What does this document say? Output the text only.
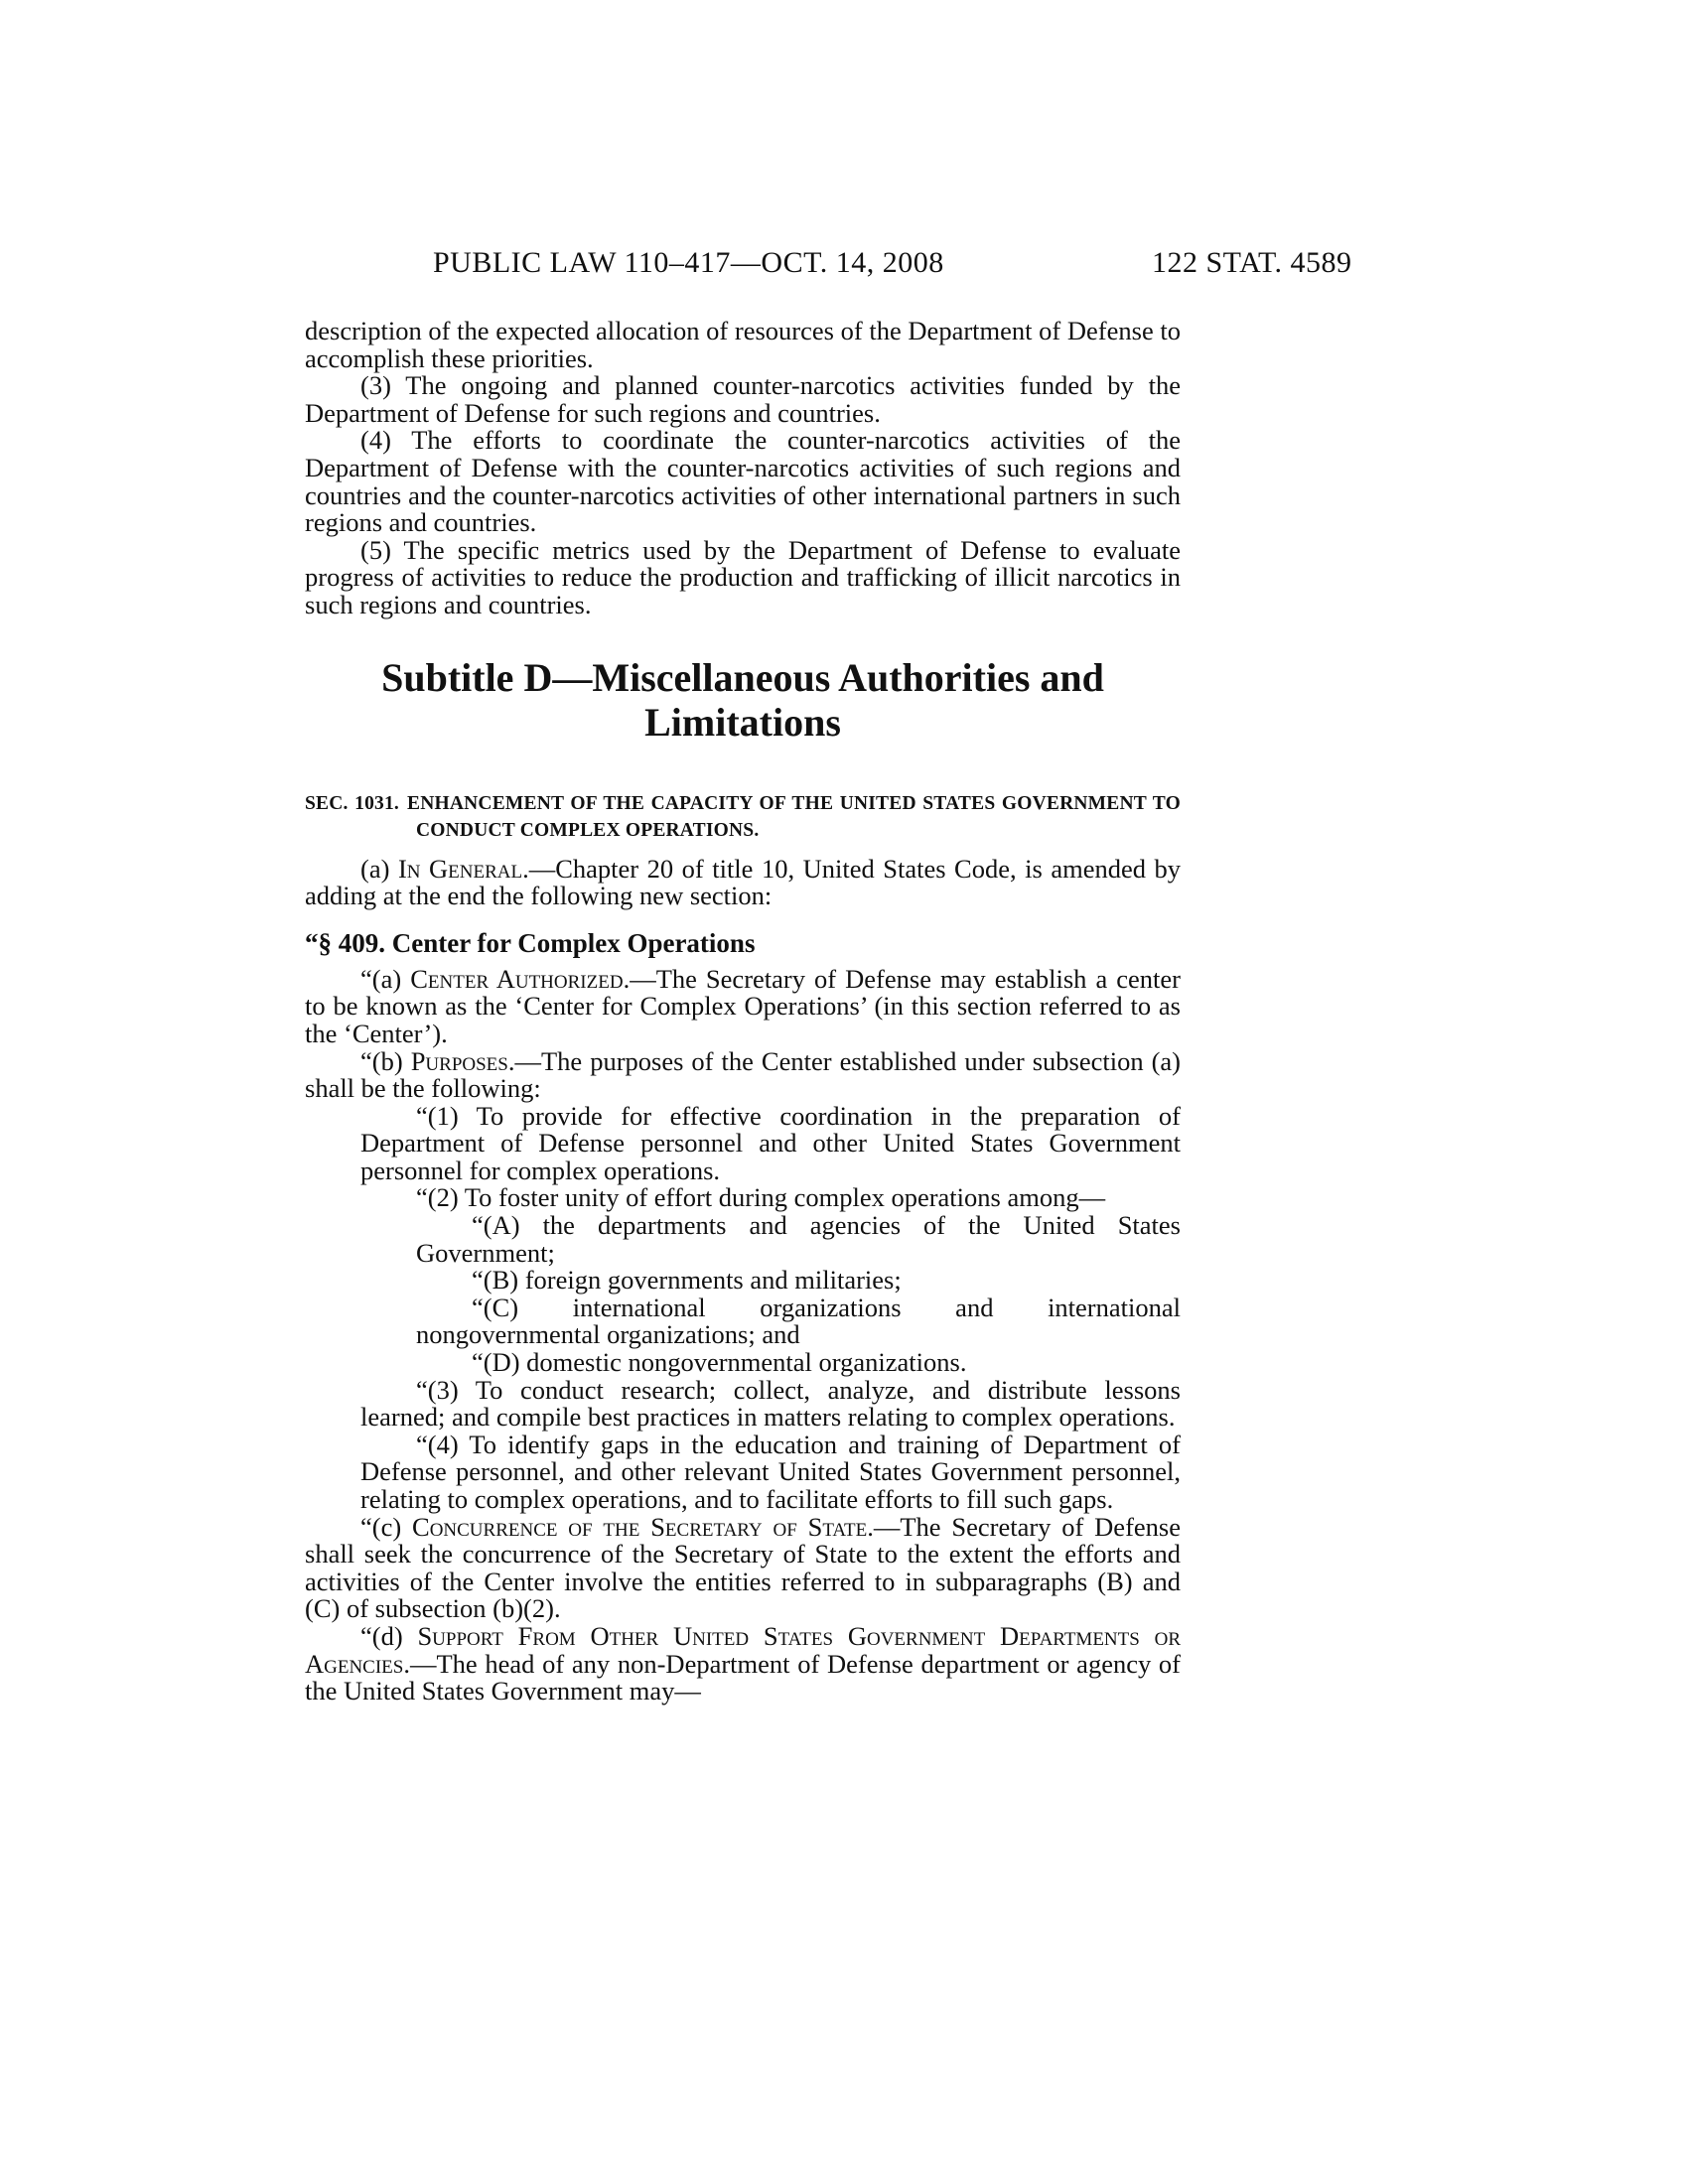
PUBLIC LAW 110–417—OCT. 14, 2008	122 STAT. 4589

description of the expected allocation of resources of the Department of Defense to accomplish these priorities.

(3) The ongoing and planned counter-narcotics activities funded by the Department of Defense for such regions and countries.

(4) The efforts to coordinate the counter-narcotics activities of the Department of Defense with the counter-narcotics activities of such regions and countries and the counter-narcotics activities of other international partners in such regions and countries.

(5) The specific metrics used by the Department of Defense to evaluate progress of activities to reduce the production and trafficking of illicit narcotics in such regions and countries.

Subtitle D—Miscellaneous Authorities and
Limitations

SEC. 1031. ENHANCEMENT OF THE CAPACITY OF THE UNITED STATES GOVERNMENT TO CONDUCT COMPLEX OPERATIONS.

(a) In General.—Chapter 20 of title 10, United States Code, is amended by adding at the end the following new section:

“§ 409. Center for Complex Operations

“(a) Center Authorized.—The Secretary of Defense may establish a center to be known as the ‘Center for Complex Operations’ (in this section referred to as the ‘Center’).

“(b) Purposes.—The purposes of the Center established under subsection (a) shall be the following:

“(1) To provide for effective coordination in the preparation of Department of Defense personnel and other United States Government personnel for complex operations.

“(2) To foster unity of effort during complex operations among—

“(A) the departments and agencies of the United States Government;

“(B) foreign governments and militaries;

“(C) international organizations and international nongovernmental organizations; and

“(D) domestic nongovernmental organizations.

“(3) To conduct research; collect, analyze, and distribute lessons learned; and compile best practices in matters relating to complex operations.

“(4) To identify gaps in the education and training of Department of Defense personnel, and other relevant United States Government personnel, relating to complex operations, and to facilitate efforts to fill such gaps.

“(c) Concurrence of the Secretary of State.—The Secretary of Defense shall seek the concurrence of the Secretary of State to the extent the efforts and activities of the Center involve the entities referred to in subparagraphs (B) and (C) of subsection (b)(2).

“(d) Support From Other United States Government Departments or Agencies.—The head of any non-Department of Defense department or agency of the United States Government may—
